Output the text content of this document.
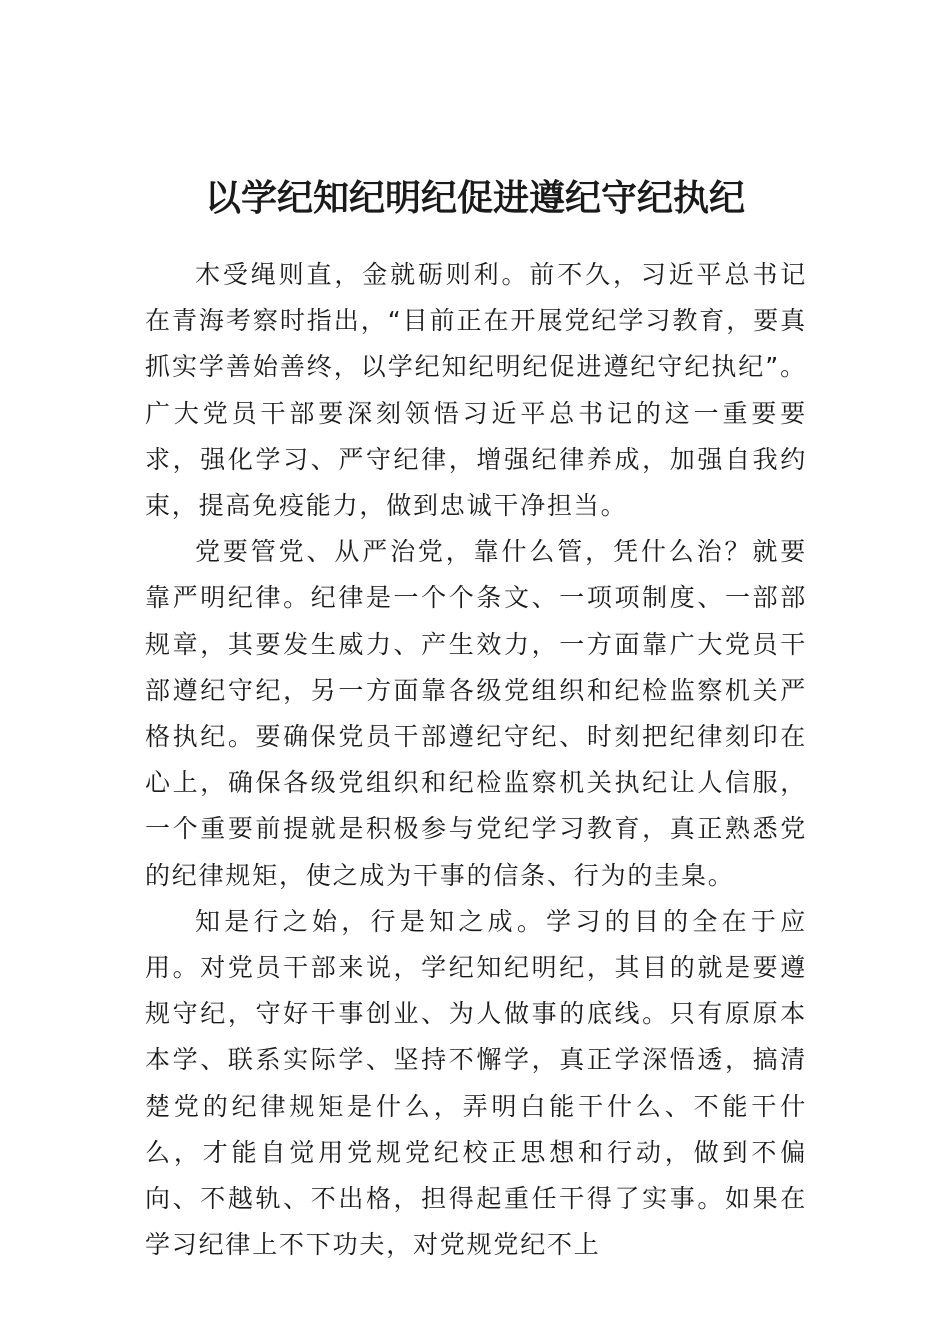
以学纪知纪明纪促进遵纪守纪执纪

木受绳则直，金就砺则利。前不久，习近平总书记在青海考察时指出，“目前正在开展党纪学习教育，要真抓实学善始善终，以学纪知纪明纪促进遵纪守纪执纪”。广大党员干部要深刻领悟习近平总书记的这一重要要求，强化学习、严守纪律，增强纪律养成，加强自我约束，提高免疫能力，做到忠诚干净担当。

党要管党、从严治党，靠什么管，凭什么治？就要靠严明纪律。纪律是一个个条文、一项项制度、一部部规章，其要发生威力、产生效力，一方面靠广大党员干部遵纪守纪，另一方面靠各级党组织和纪检监察机关严格执纪。要确保党员干部遵纪守纪、时刻把纪律刻印在心上，确保各级党组织和纪检监察机关执纪让人信服，一个重要前提就是积极参与党纪学习教育，真正熟悉党的纪律规矩，使之成为干事的信条、行为的圭臬。

知是行之始，行是知之成。学习的目的全在于应用。对党员干部来说，学纪知纪明纪，其目的就是要遵规守纪，守好干事创业、为人做事的底线。只有原原本本学、联系实际学、坚持不懈学，真正学深悟透，搞清楚党的纪律规矩是什么，弄明白能干什么、不能干什么，才能自觉用党规党纪校正思想和行动，做到不偏向、不越轨、不出格，担得起重任干得了实事。如果在学习纪律上不下功夫，对党规党纪不上
